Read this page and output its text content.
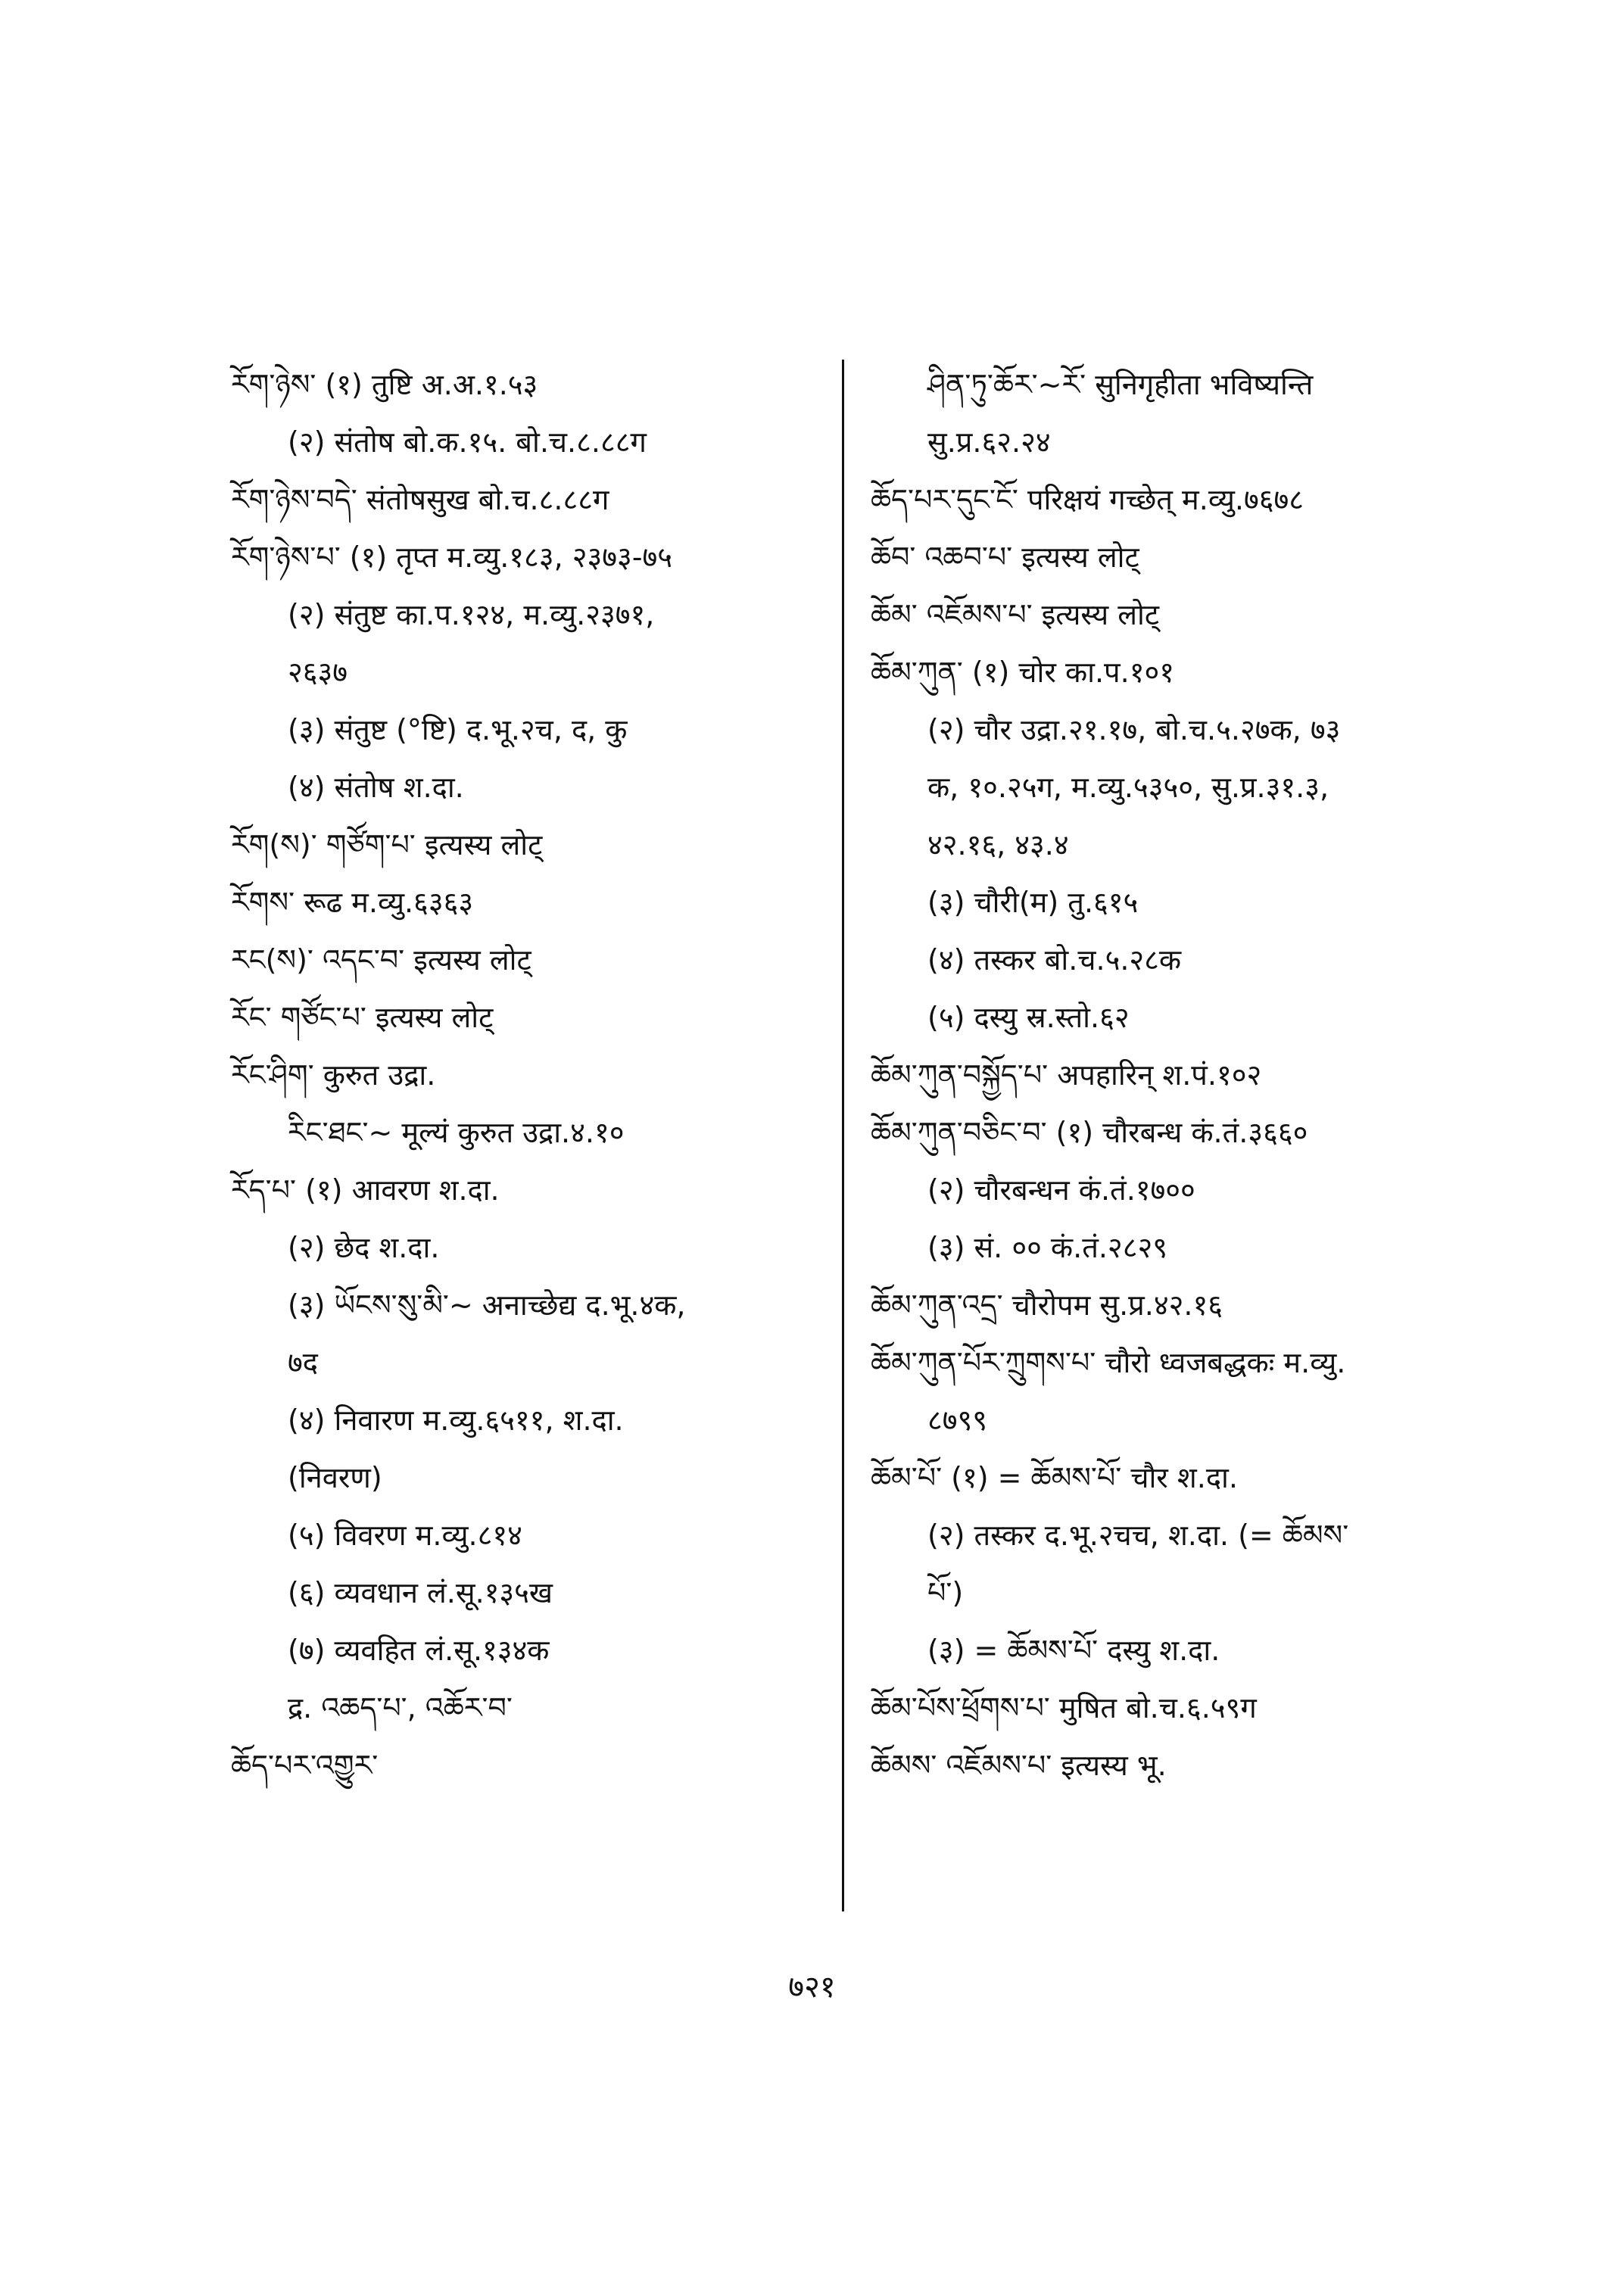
རོག་ཉེས་ (१) तुष्टि अ.अ.१.५३
(२) संतोष बो.क.१५. बो.च.८.८८ग
རོག་ཉེས་བདེ་ संतोषसुख बो.च.८.८८ग
རོག་ཉེས་པ་ (१) तृप्त म.व्यु.१८३, २३७३-७५
(२) संतुष्ट का.प.१२४, म.व्यु.२३७१,
२६३७
(३) संतुष्ट (°ष्टि) द.भू.२च, द, कु
(४) संतोष श.दा.
རོག(ས)་ གཙོག་པ་ इत्यस्य लोट्
རོགས་ रूढ म.व्यु.६३६३
རང(ས)་ འདང་བ་ इत्यस्य लोट्
རོང་ གཙོང་པ་ इत्यस्य लोट्
རོང་ཤིག་ कुरुत उद्रा.
རིང་ཐང་~ मूल्यं कुरुत उद्रा.४.१०
རོད་པ་ (१) आवरण श.दा.
(२) छेद श.दा.
(३) ཡོངས་སུ་མི་~ अनाच्छेद्य द.भू.४क,
७द
(४) निवारण म.व्यु.६५११, श.दा.
(निवरण)
(५) विवरण म.व्यु.८१४
(६) व्यवधान लं.सू.१३५ख
(७) व्यवहित लं.सू.१३४क
द्र. འཆད་པ་, འཆོར་བ་
ཆོད་པར་འགྱུར་
ཤིན་ཏུ་ཆོར་~རོ་ सुनिगृहीता भविष्यन्ति
सु.प्र.६२.२४
ཆོད་པར་དུང་ངོ་ परिक्षयं गच्छेत् म.व्यु.७६७८
ཆོབ་ འཆབ་པ་ इत्यस्य लोट्
ཆོམ་ འཇོམས་པ་ इत्यस्य लोट्
ཆོམ་ཀུན་ (१) चोर का.प.१०१
(२) चौर उद्रा.२१.१७, बो.च.५.२७क, ७३
क, १०.२५ग, म.व्यु.५३५०, सु.प्र.३१.३,
४२.१६, ४३.४
(३) चौरी(म) तु.६१५
(४) तस्कर बो.च.५.२८क
(५) दस्यु स्र.स्तो.६२
ཆོམ་ཀུན་བསྐྱོད་པ་ अपहारिन् श.पं.१०२
ཆོམ་ཀུན་བཅིང་བ་ (१) चौरबन्ध कं.तं.३६६०
(२) चौरबन्धन कं.तं.१७००
(३) सं. ०० कं.तं.२८२९
ཆོམ་ཀུན་འདྲ་ चौरोपम सु.प्र.४२.१६
ཆོམ་ཀུན་པོར་ཀྲུགས་པ་ चौरो ध्वजबद्धकः म.व्यु.
८७९९
ཆོམ་པོ་ (१) = ཆོམས་པོ་ चौर श.दा.
(२) तस्कर द.भू.२चच, श.दा. (= ཆོམས་
པོ་)
(३) = ཆོམས་པོ་ दस्यु श.दा.
ཆོམ་པོས་ཕྲོགས་པ་ मुषित बो.च.६.५९ग
ཆོམས་ འཇོམས་པ་ इत्यस्य भू.
७२१
